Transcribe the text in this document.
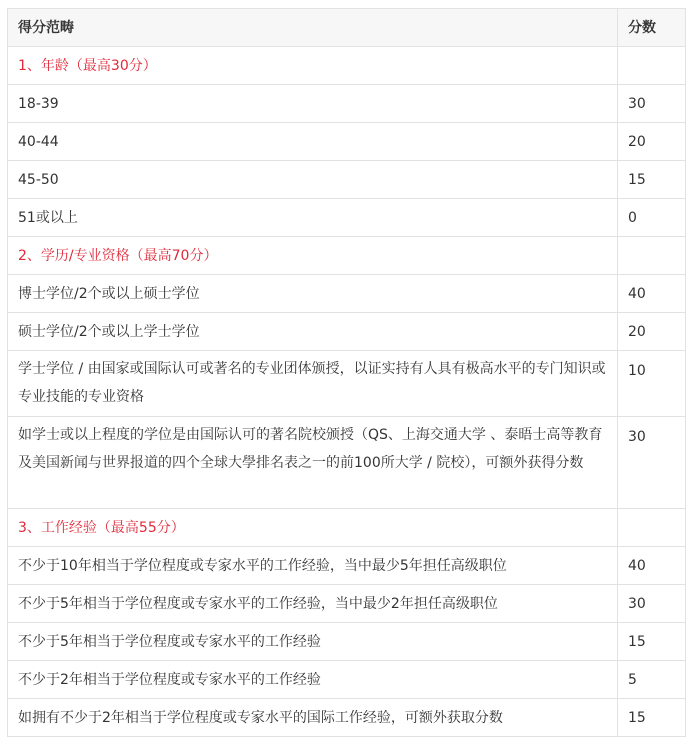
得分范畴	分数
1、年龄（最高30分）	
18-39	30
40-44	20
45-50	15
51或以上	0
2、学历/专业资格（最高70分）	
博士学位/2个或以上硕士学位	40
硕士学位/2个或以上学士学位	20
学士学位 / 由国家或国际认可或著名的专业团体颁授，以证实持有人具有极高水平的专门知识或专业技能的专业资格	10
如学士或以上程度的学位是由国际认可的著名院校颁授（QS、上海交通大学 、泰晤士高等教育及美国新闻与世界报道的四个全球大學排名表之一的前100所大学 / 院校），可额外获得分数	30
3、工作经验（最高55分）	
不少于10年相当于学位程度或专家水平的工作经验，当中最少5年担任高级职位	40
不少于5年相当于学位程度或专家水平的工作经验，当中最少2年担任高级职位	30
不少于5年相当于学位程度或专家水平的工作经验	15
不少于2年相当于学位程度或专家水平的工作经验	5
如拥有不少于2年相当于学位程度或专家水平的国际工作经验，可额外获取分数	15
